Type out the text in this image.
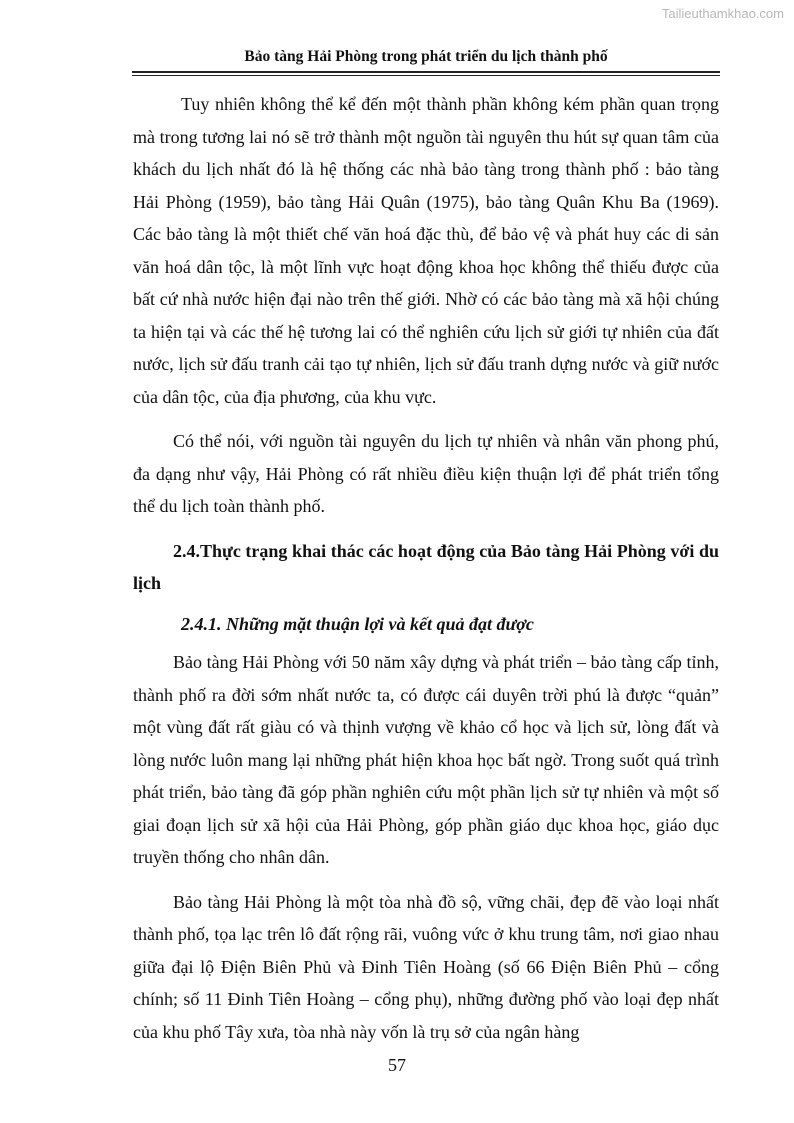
Tailieuthamkhao.com
Bảo tàng Hải Phòng trong phát triển du lịch thành phố

Tuy nhiên không thể kể đến một thành phần không kém phần quan trọng mà trong tương lai nó sẽ trở thành một nguồn tài nguyên thu hút sự quan tâm của khách du lịch nhất đó là hệ thống các nhà bảo tàng trong thành phố : bảo tàng Hải Phòng (1959), bảo tàng Hải Quân (1975), bảo tàng Quân Khu Ba (1969). Các bảo tàng là một thiết chế văn hoá đặc thù, để bảo vệ và phát huy các di sản văn hoá dân tộc, là một lĩnh vực hoạt động khoa học không thể thiếu được của bất cứ nhà nước hiện đại nào trên thế giới. Nhờ có các bảo tàng mà xã hội chúng ta hiện tại và các thế hệ tương lai có thể nghiên cứu lịch sử giới tự nhiên của đất nước, lịch sử đấu tranh cải tạo tự nhiên, lịch sử đấu tranh dựng nước và giữ nước của dân tộc, của địa phương, của khu vực.

Có thể nói, với nguồn tài nguyên du lịch tự nhiên và nhân văn phong phú, đa dạng như vậy, Hải Phòng có rất nhiều điều kiện thuận lợi để phát triển tổng thể du lịch toàn thành phố.

2.4.Thực trạng khai thác các hoạt động của Bảo tàng Hải Phòng với du lịch
2.4.1. Những mặt thuận lợi và kết quả đạt được

Bảo tàng Hải Phòng với 50 năm xây dựng và phát triển – bảo tàng cấp tỉnh, thành phố ra đời sớm nhất nước ta, có được cái duyên trời phú là được “quản” một vùng đất rất giàu có và thịnh vượng về khảo cổ học và lịch sử, lòng đất và lòng nước luôn mang lại những phát hiện khoa học bất ngờ. Trong suốt quá trình phát triển, bảo tàng đã góp phần nghiên cứu một phần lịch sử tự nhiên và một số giai đoạn lịch sử xã hội của Hải Phòng, góp phần giáo dục khoa học, giáo dục truyền thống cho nhân dân.

Bảo tàng Hải Phòng là một tòa nhà đồ sộ, vững chãi, đẹp đẽ vào loại nhất thành phố, tọa lạc trên lô đất rộng rãi, vuông vức ở khu trung tâm, nơi giao nhau giữa đại lộ Điện Biên Phủ và Đinh Tiên Hoàng (số 66 Điện Biên Phủ – cổng chính; số 11 Đinh Tiên Hoàng – cổng phụ), những đường phố vào loại đẹp nhất của khu phố Tây xưa, tòa nhà này vốn là trụ sở của ngân hàng

57
